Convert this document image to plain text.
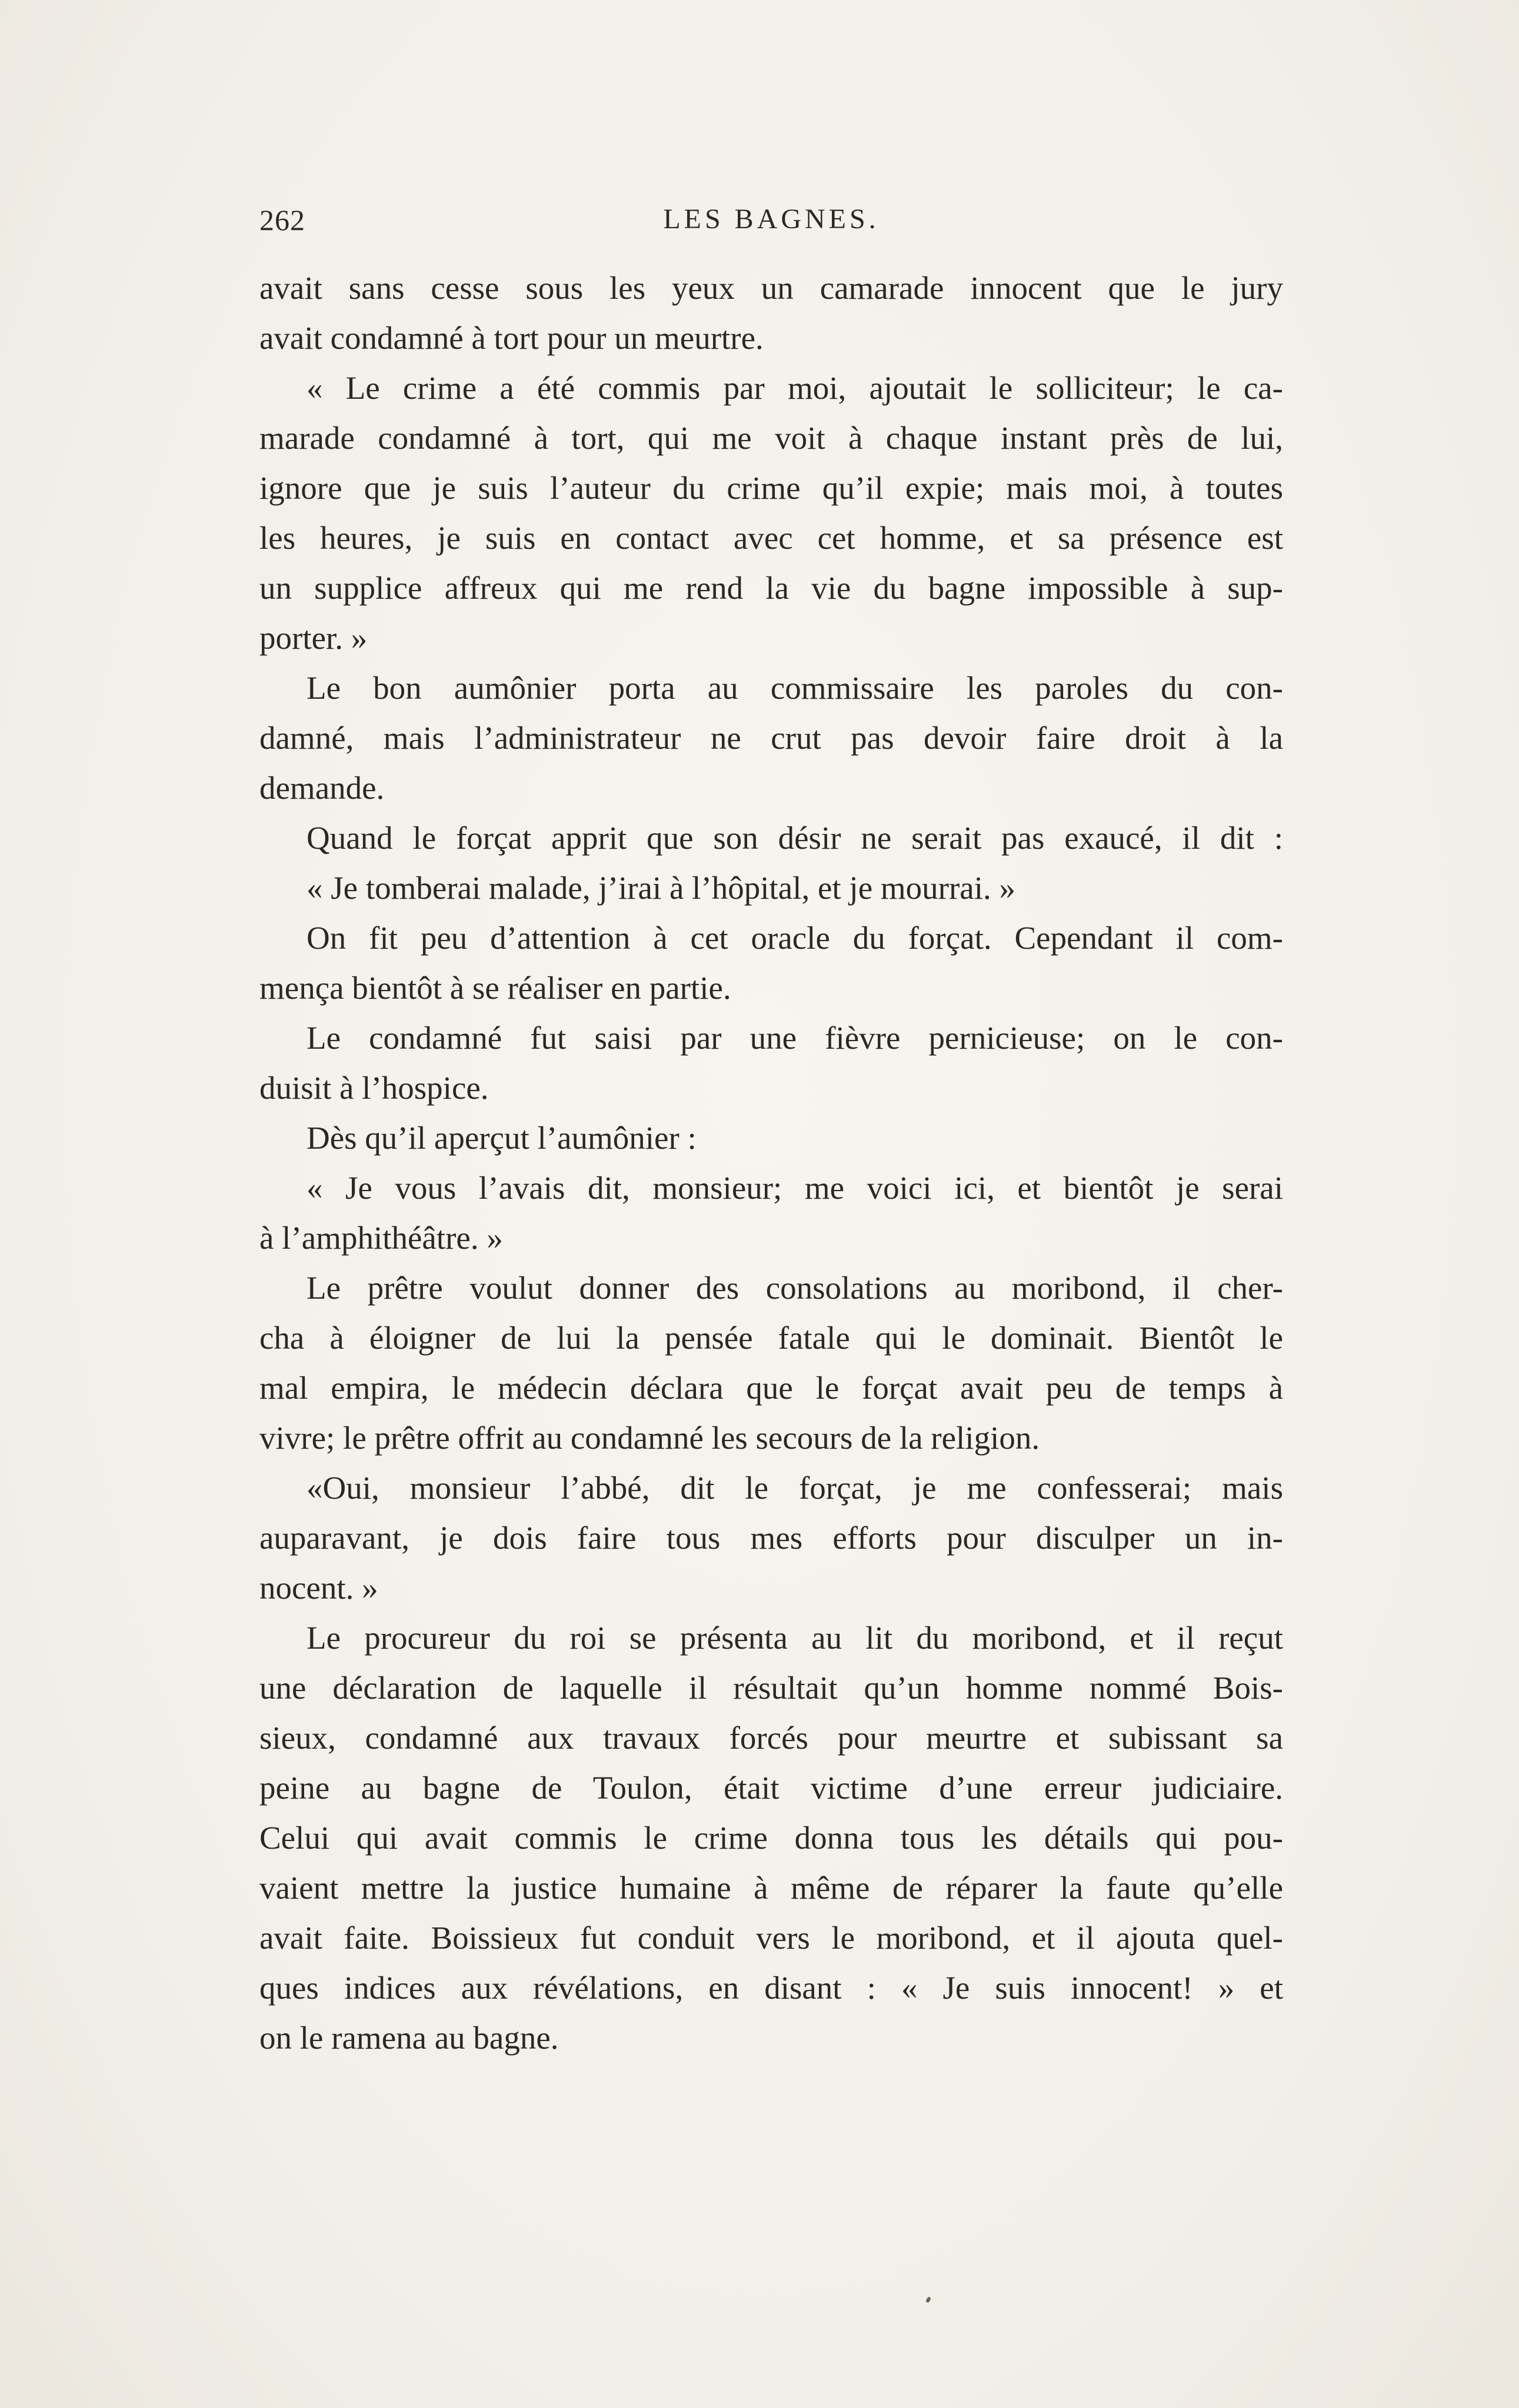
262	LES BAGNES.
avait sans cesse sous les yeux un camarade innocent que le jury
avait condamné à tort pour un meurtre.
« Le crime a été commis par moi, ajoutait le solliciteur; le ca-
marade condamné à tort, qui me voit à chaque instant près de lui,
ignore que je suis l’auteur du crime qu’il expie; mais moi, à toutes
les heures, je suis en contact avec cet homme, et sa présence est
un supplice affreux qui me rend la vie du bagne impossible à sup-
porter. »
Le bon aumônier porta au commissaire les paroles du con-
damné, mais l’administrateur ne crut pas devoir faire droit à la
demande.
Quand le forçat apprit que son désir ne serait pas exaucé, il dit :
« Je tomberai malade, j’irai à l’hôpital, et je mourrai. »
On fit peu d’attention à cet oracle du forçat. Cependant il com-
mença bientôt à se réaliser en partie.
Le condamné fut saisi par une fièvre pernicieuse; on le con-
duisit à l’hospice.
Dès qu’il aperçut l’aumônier :
« Je vous l’avais dit, monsieur; me voici ici, et bientôt je serai
à l’amphithéâtre. »
Le prêtre voulut donner des consolations au moribond, il cher-
cha à éloigner de lui la pensée fatale qui le dominait. Bientôt le
mal empira, le médecin déclara que le forçat avait peu de temps à
vivre; le prêtre offrit au condamné les secours de la religion.
«Oui, monsieur l’abbé, dit le forçat, je me confesserai; mais
auparavant, je dois faire tous mes efforts pour disculper un in-
nocent. »
Le procureur du roi se présenta au lit du moribond, et il reçut
une déclaration de laquelle il résultait qu’un homme nommé Bois-
sieux, condamné aux travaux forcés pour meurtre et subissant sa
peine au bagne de Toulon, était victime d’une erreur judiciaire.
Celui qui avait commis le crime donna tous les détails qui pou-
vaient mettre la justice humaine à même de réparer la faute qu’elle
avait faite. Boissieux fut conduit vers le moribond, et il ajouta quel-
ques indices aux révélations, en disant : « Je suis innocent! » et
on le ramena au bagne.
